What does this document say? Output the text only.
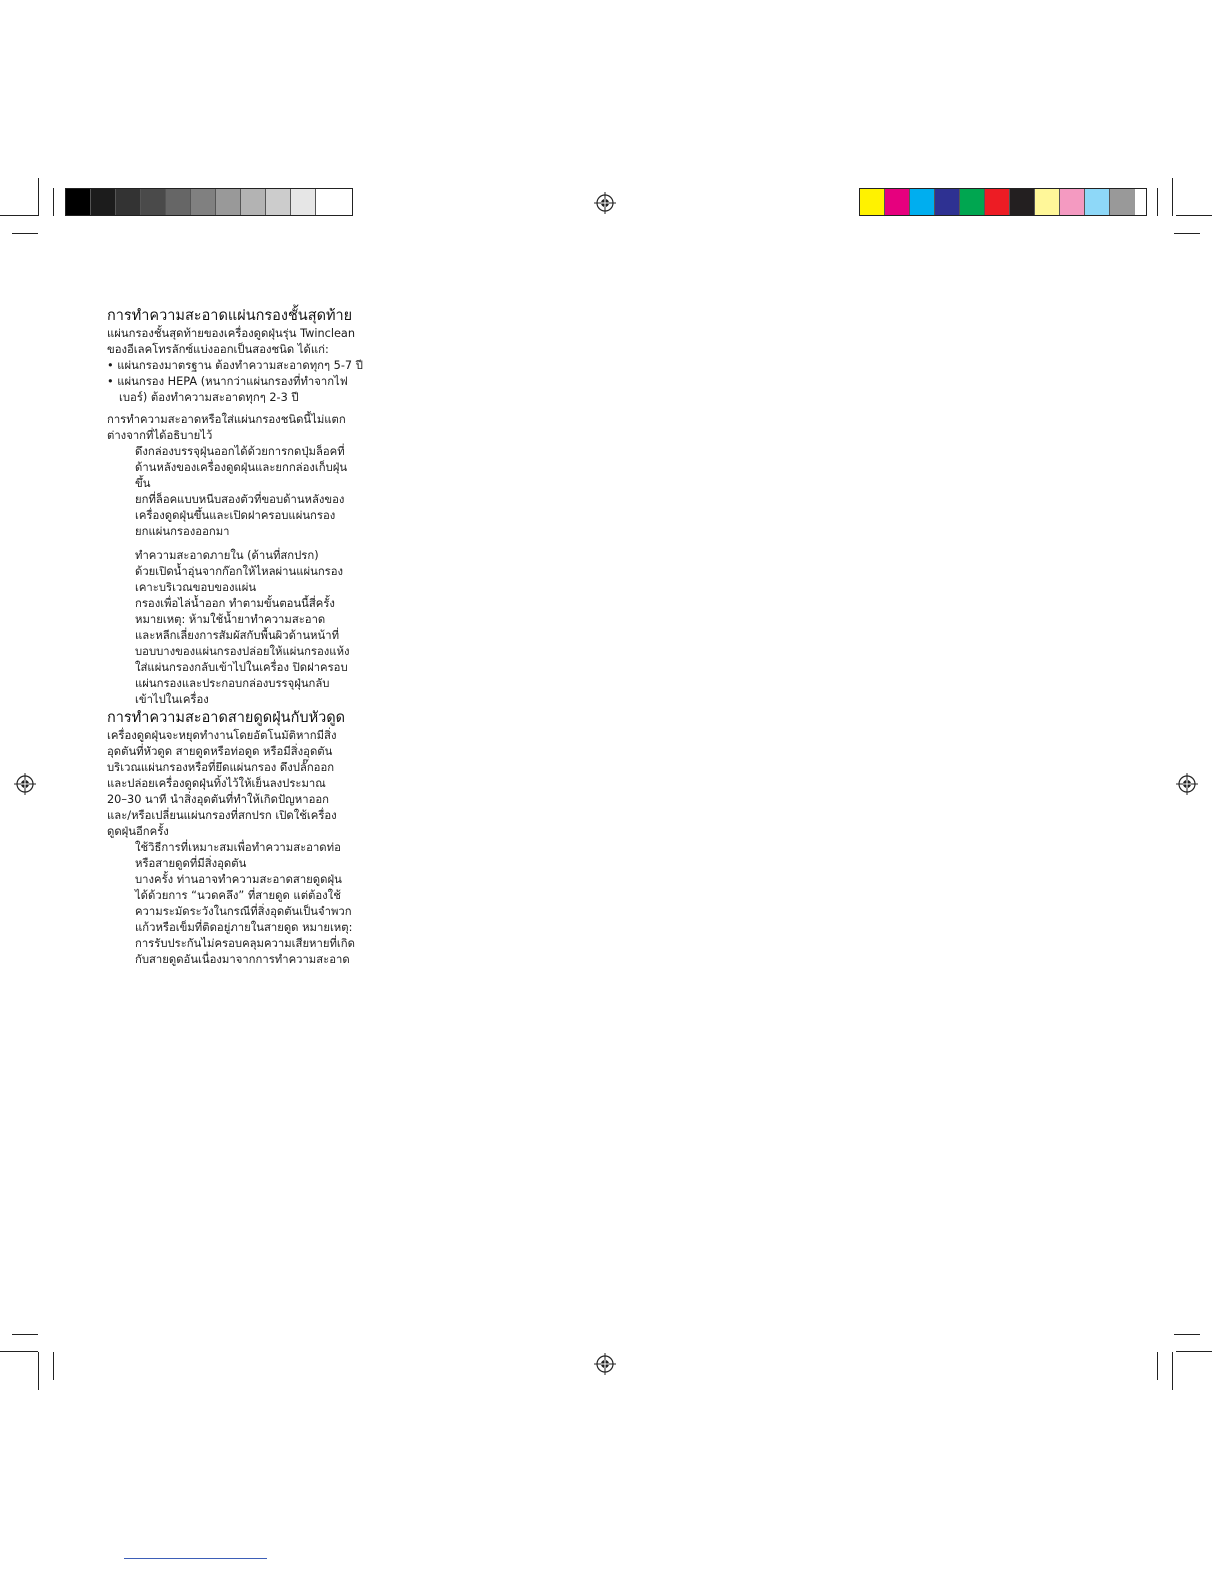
การทำความสะอาดแผ่นกรองชั้นสุดท้าย

แผ่นกรองชั้นสุดท้ายของเครื่องดูดฝุ่นรุ่น Twinclean

ของอีเลคโทรลักซ์แบ่งออกเป็นสองชนิด ได้แก่:

• แผ่นกรองมาตรฐาน ต้องทำความสะอาดทุกๆ 5-7 ปี

• แผ่นกรอง HEPA (หนากว่าแผ่นกรองที่ทำจากไฟ

เบอร์) ต้องทำความสะอาดทุกๆ 2-3 ปี

การทำความสะอาดหรือใส่แผ่นกรองชนิดนี้ไม่แตก

ต่างจากที่ได้อธิบายไว้

ดึงกล่องบรรจุฝุ่นออกได้ด้วยการกดปุ่มล็อคที่

ด้านหลังของเครื่องดูดฝุ่นและยกกล่องเก็บฝุ่น

ขึ้น

ยกที่ล็อคแบบหนีบสองตัวที่ขอบด้านหลังของ

เครื่องดูดฝุ่นขึ้นและเปิดฝาครอบแผ่นกรอง

ยกแผ่นกรองออกมา

ทำความสะอาดภายใน (ด้านที่สกปรก)

ด้วยเปิดน้ำอุ่นจากก๊อกให้ไหลผ่านแผ่นกรอง

เคาะบริเวณขอบของแผ่น

กรองเพื่อไล่น้ำออก ทำตามขั้นตอนนี้สี่ครั้ง

หมายเหตุ: ห้ามใช้น้ำยาทำความสะอาด

และหลีกเลี่ยงการสัมผัสกับพื้นผิวด้านหน้าที่

บอบบางของแผ่นกรองปล่อยให้แผ่นกรองแห้ง

ใส่แผ่นกรองกลับเข้าไปในเครื่อง ปิดฝาครอบ

แผ่นกรองและประกอบกล่องบรรจุฝุ่นกลับ

เข้าไปในเครื่อง

การทำความสะอาดสายดูดฝุ่นกับหัวดูด

เครื่องดูดฝุ่นจะหยุดทำงานโดยอัตโนมัติหากมีสิ่ง

อุดตันที่หัวดูด สายดูดหรือท่อดูด หรือมีสิ่งอุดตัน

บริเวณแผ่นกรองหรือที่ยึดแผ่นกรอง ดึงปลั๊กออก

และปล่อยเครื่องดูดฝุ่นทิ้งไว้ให้เย็นลงประมาณ

20–30 นาที นำสิ่งอุดตันที่ทำให้เกิดปัญหาออก

และ/หรือเปลี่ยนแผ่นกรองที่สกปรก เปิดใช้เครื่อง

ดูดฝุ่นอีกครั้ง

ใช้วิธีการที่เหมาะสมเพื่อทำความสะอาดท่อ

หรือสายดูดที่มีสิ่งอุดตัน

บางครั้ง ท่านอาจทำความสะอาดสายดูดฝุ่น

ได้ด้วยการ “นวดคลึง” ที่สายดูด แต่ต้องใช้

ความระมัดระวังในกรณีที่สิ่งอุดตันเป็นจำพวก

แก้วหรือเข็มที่ติดอยู่ภายในสายดูด หมายเหตุ:

การรับประกันไม่ครอบคลุมความเสียหายที่เกิด

กับสายดูดอันเนื่องมาจากการทำความสะอาด
